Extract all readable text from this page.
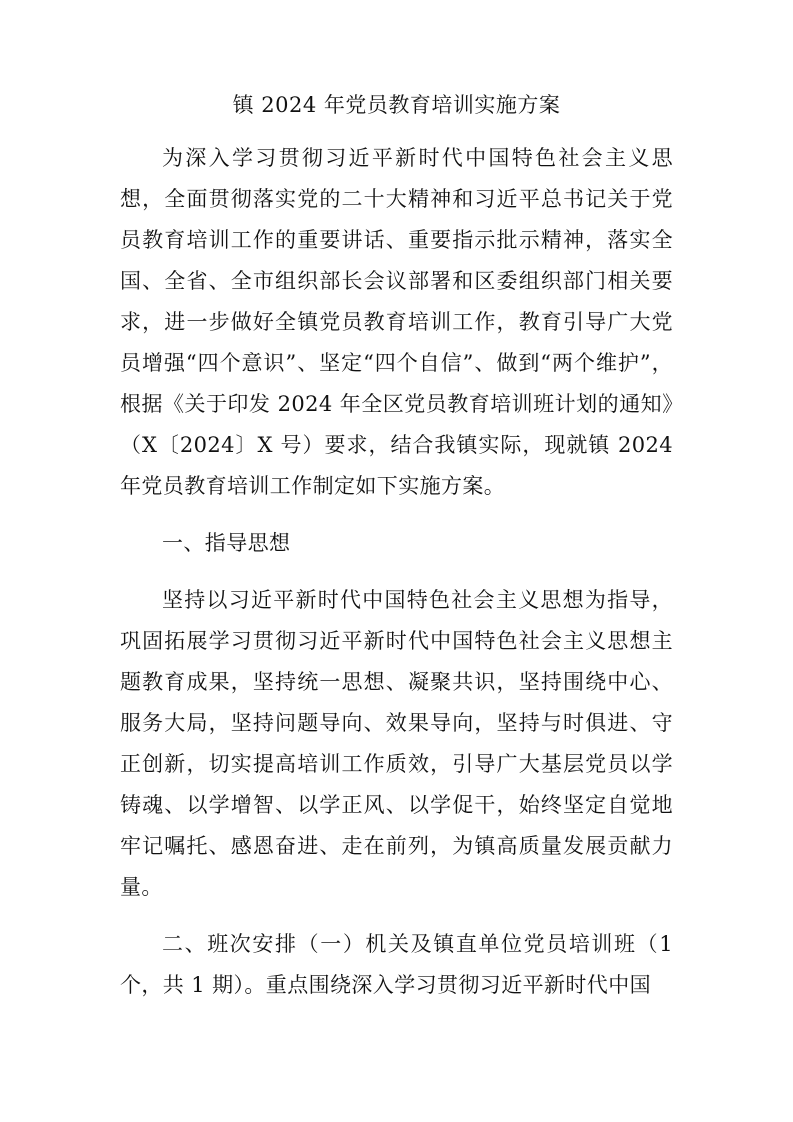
镇 2024 年党员教育培训实施方案

为深入学习贯彻习近平新时代中国特色社会主义思想，全面贯彻落实党的二十大精神和习近平总书记关于党员教育培训工作的重要讲话、重要指示批示精神，落实全国、全省、全市组织部长会议部署和区委组织部门相关要求，进一步做好全镇党员教育培训工作，教育引导广大党员增强“四个意识”、坚定“四个自信”、做到“两个维护”，根据《关于印发 2024 年全区党员教育培训班计划的通知》（X〔2024〕X 号）要求，结合我镇实际，现就镇 2024 年党员教育培训工作制定如下实施方案。

一、指导思想

坚持以习近平新时代中国特色社会主义思想为指导，巩固拓展学习贯彻习近平新时代中国特色社会主义思想主题教育成果，坚持统一思想、凝聚共识，坚持围绕中心、服务大局，坚持问题导向、效果导向，坚持与时俱进、守正创新，切实提高培训工作质效，引导广大基层党员以学铸魂、以学增智、以学正风、以学促干，始终坚定自觉地牢记嘱托、感恩奋进、走在前列，为镇高质量发展贡献力量。

二、班次安排（一）机关及镇直单位党员培训班（1 个，共 1 期）。重点围绕深入学习贯彻习近平新时代中国
